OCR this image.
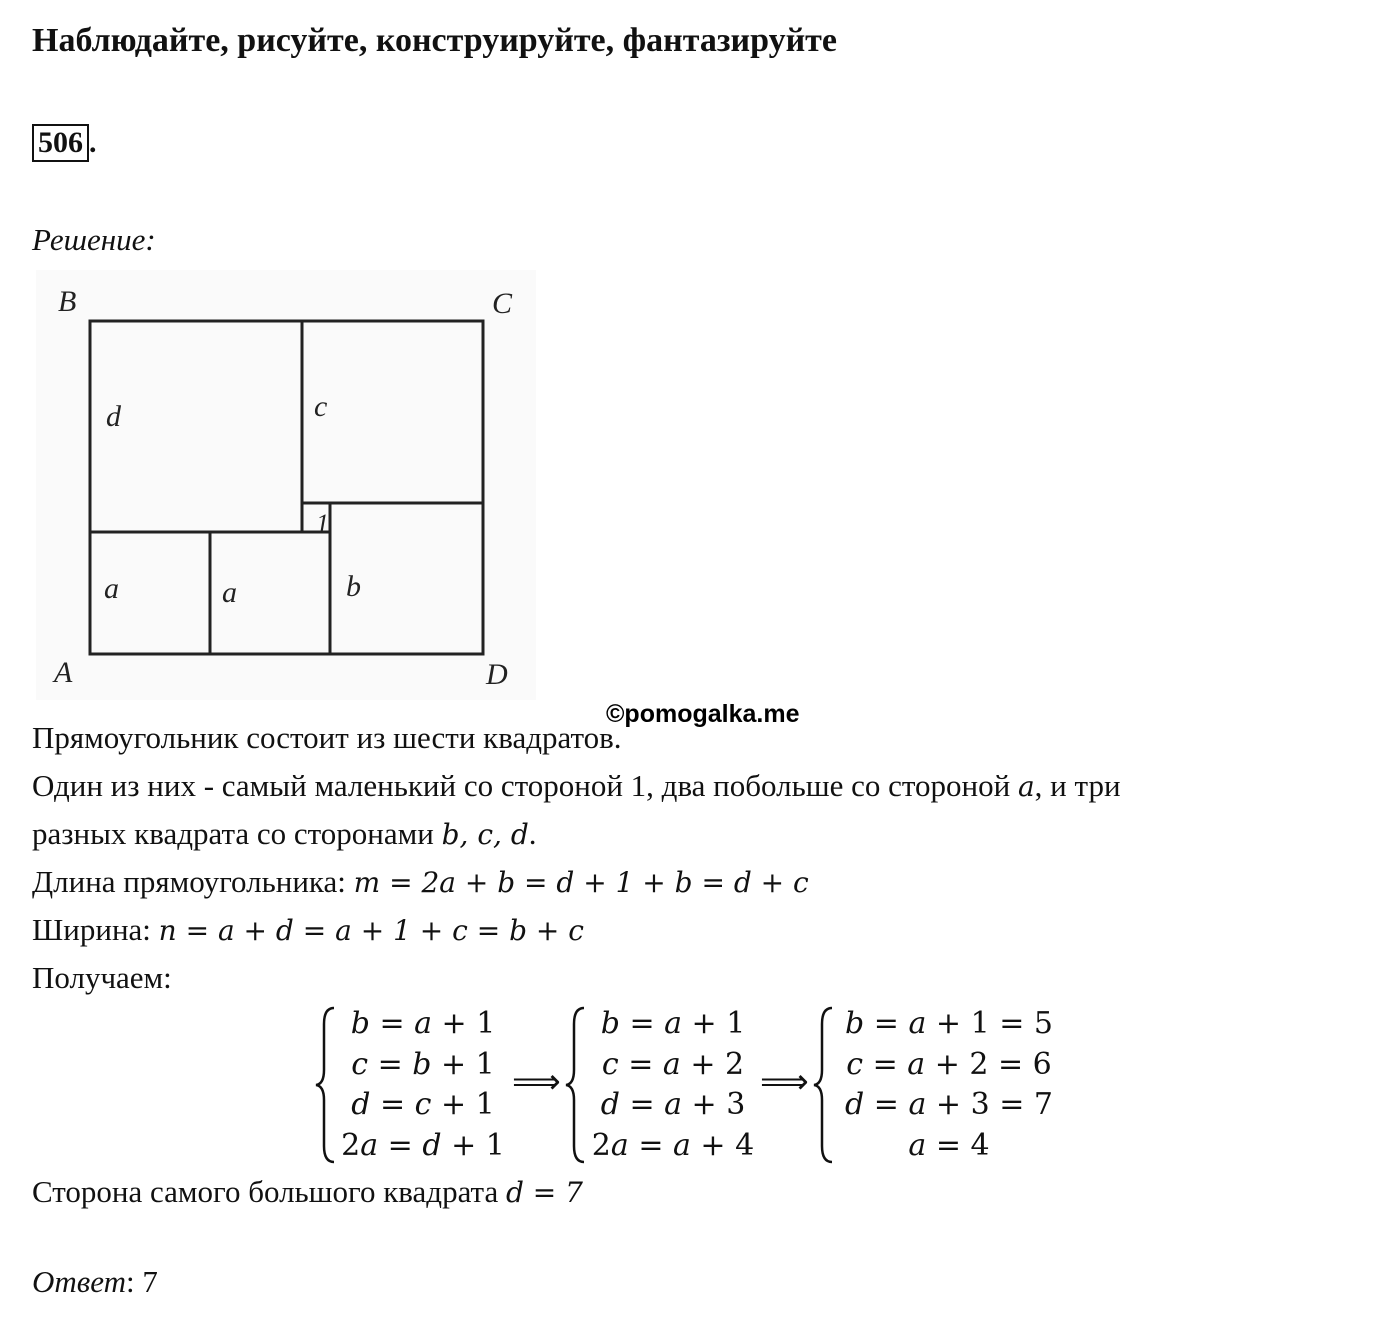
Наблюдайте, рисуйте, конструируйте, фантазируйте
506 .
Решение:
B	C
A	D
d	c
1
a	a	b
©pomogalka.me
Прямоугольник состоит из шести квадратов.
Один из них - самый маленький со стороной 1, два побольше со стороной a, и три
разных квадрата со сторонами b, c, d.
Длина прямоугольника: m = 2a + b = d + 1 + b = d + c
Ширина: n = a + d = a + 1 + c = b + c
Получаем:
b = a + 1
c = b + 1
d = c + 1
2a = d + 1
⟹
b = a + 1
c = a + 2
d = a + 3
2a = a + 4
⟹
b = a + 1 = 5
c = a + 2 = 6
d = a + 3 = 7
a = 4
Сторона самого большого квадрата d = 7
Ответ: 7
